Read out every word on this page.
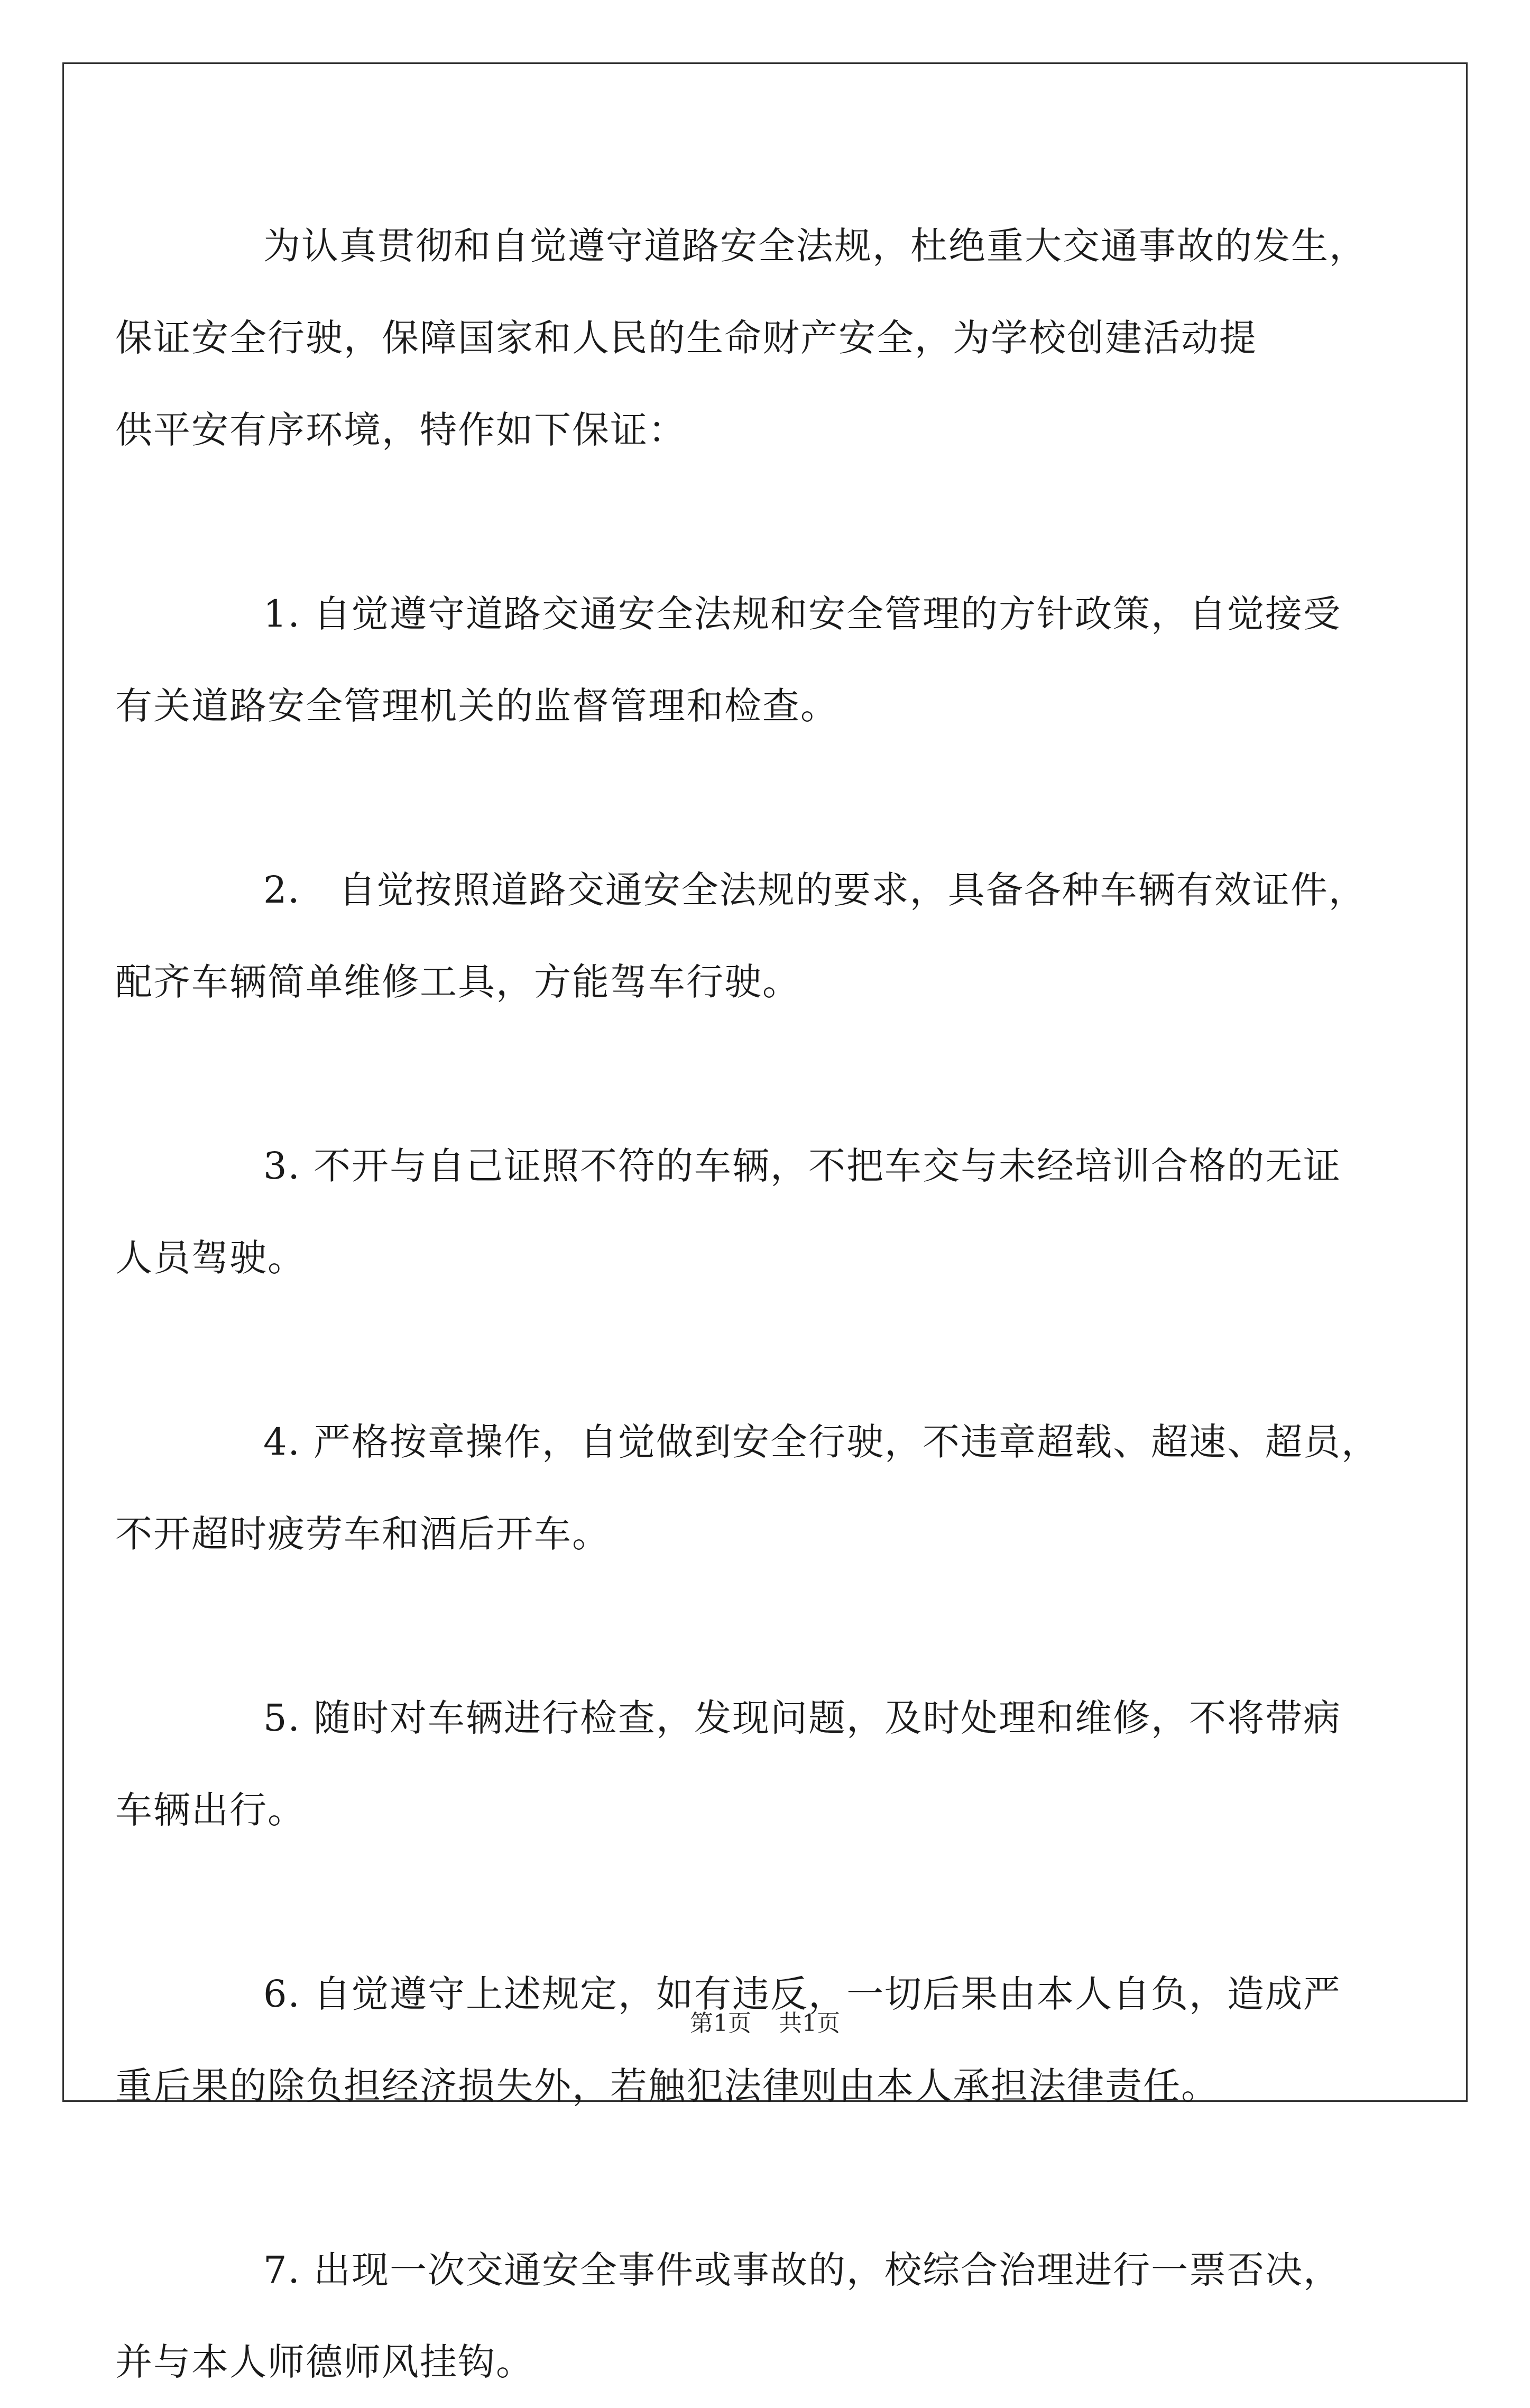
为认真贯彻和自觉遵守道路安全法规，杜绝重大交通事故的发生，
保证安全行驶，保障国家和人民的生命财产安全，为学校创建活动提
供平安有序环境，特作如下保证：

1. 自觉遵守道路交通安全法规和安全管理的方针政策，自觉接受
有关道路安全管理机关的监督管理和检查。

2． 自觉按照道路交通安全法规的要求，具备各种车辆有效证件，
配齐车辆简单维修工具，方能驾车行驶。

3. 不开与自己证照不符的车辆，不把车交与未经培训合格的无证
人员驾驶。

4. 严格按章操作，自觉做到安全行驶，不违章超载、超速、超员，
不开超时疲劳车和酒后开车。

5. 随时对车辆进行检查，发现问题，及时处理和维修，不将带病
车辆出行。

6. 自觉遵守上述规定，如有违反，一切后果由本人自负，造成严
重后果的除负担经济损失外，若触犯法律则由本人承担法律责任。

7. 出现一次交通安全事件或事故的，校综合治理进行一票否决，
并与本人师德师风挂钩。

第1页 共1页
